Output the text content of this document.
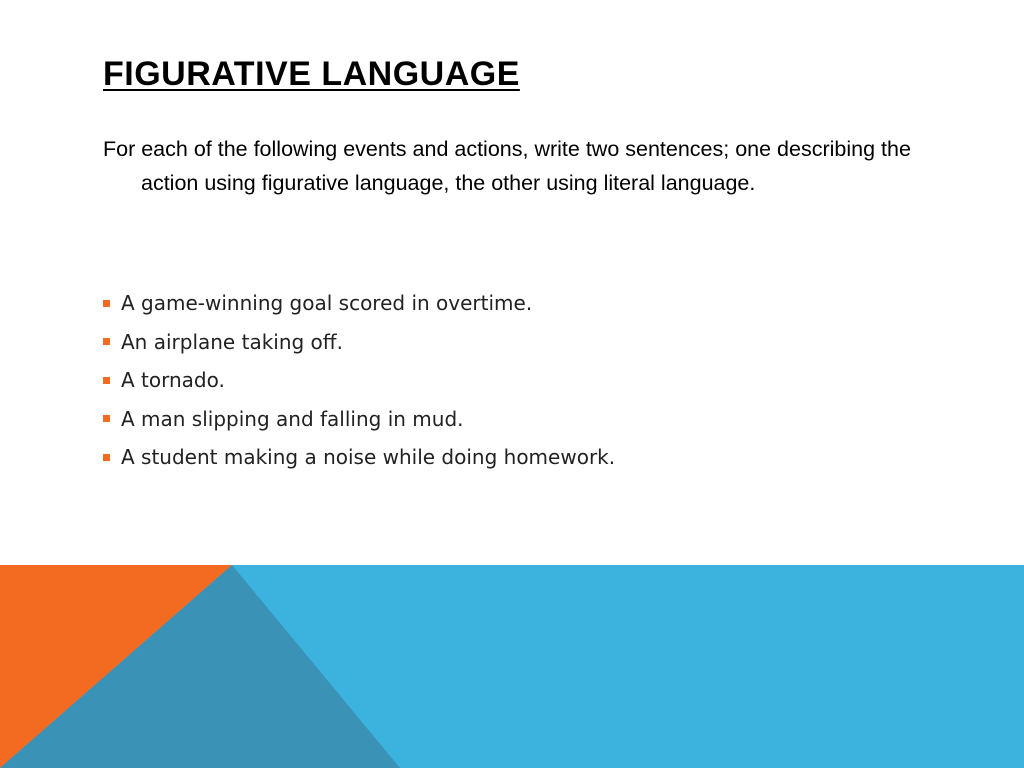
FIGURATIVE LANGUAGE

For each of the following events and actions, write two sentences; one describing the action using figurative language, the other using literal language.

A game-winning goal scored in overtime.
An airplane taking off.
A tornado.
A man slipping and falling in mud.
A student making a noise while doing homework.
